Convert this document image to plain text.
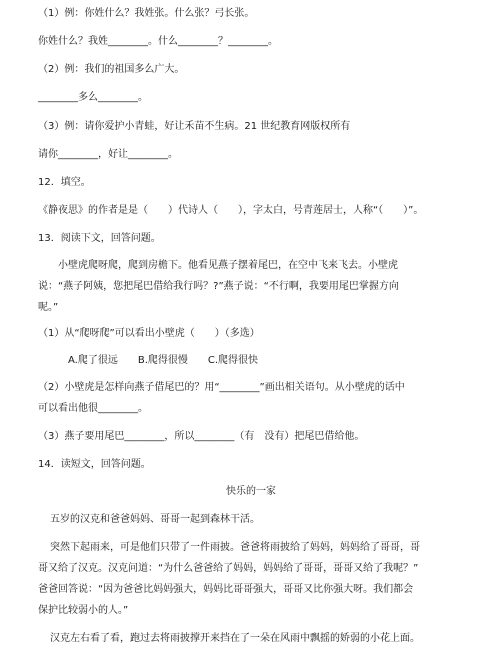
（1）例：你姓什么？我姓张。什么张？弓长张。
你姓什么？我姓________。什么________？________。
（2）例：我们的祖国多么广大。
________多么________。
（3）例：请你爱护小青蛙，好让禾苗不生病。21 世纪教育网版权所有
请你________，好让________。
12．填空。
《静夜思》的作者是是（　　）代诗人（　　），字太白，号青莲居士，人称“（　　）”。
13．阅读下文，回答问题。
小壁虎爬呀爬，爬到房檐下。他看见燕子摆着尾巴，在空中飞来飞去。小壁虎
说：“燕子阿姨，您把尾巴借给我行吗？?”燕子说：“不行啊，我要用尾巴掌握方向
呢。”
（1）从“爬呀爬”可以看出小壁虎（　　）（多选）
A.爬了很远　　B.爬得很慢　　C.爬得很快
（2）小壁虎是怎样向燕子借尾巴的？用“________”画出相关语句。从小壁虎的话中
可以看出他很________。
（3）燕子要用尾巴________，所以________（有　没有）把尾巴借给他。
14．读短文，回答问题。
快乐的一家
五岁的汉克和爸爸妈妈、哥哥一起到森林干活。
突然下起雨来，可是他们只带了一件雨披。爸爸将雨披给了妈妈，妈妈给了哥哥，哥
哥又给了汉克。汉克问道：“为什么爸爸给了妈妈，妈妈给了哥哥，哥哥又给了我呢？”
爸爸回答说：“因为爸爸比妈妈强大，妈妈比哥哥强大，哥哥又比你强大呀。我们都会
保护比较弱小的人。”
汉克左右看了看，跑过去将雨披撑开来挡在了一朵在风雨中飘摇的娇弱的小花上面。
